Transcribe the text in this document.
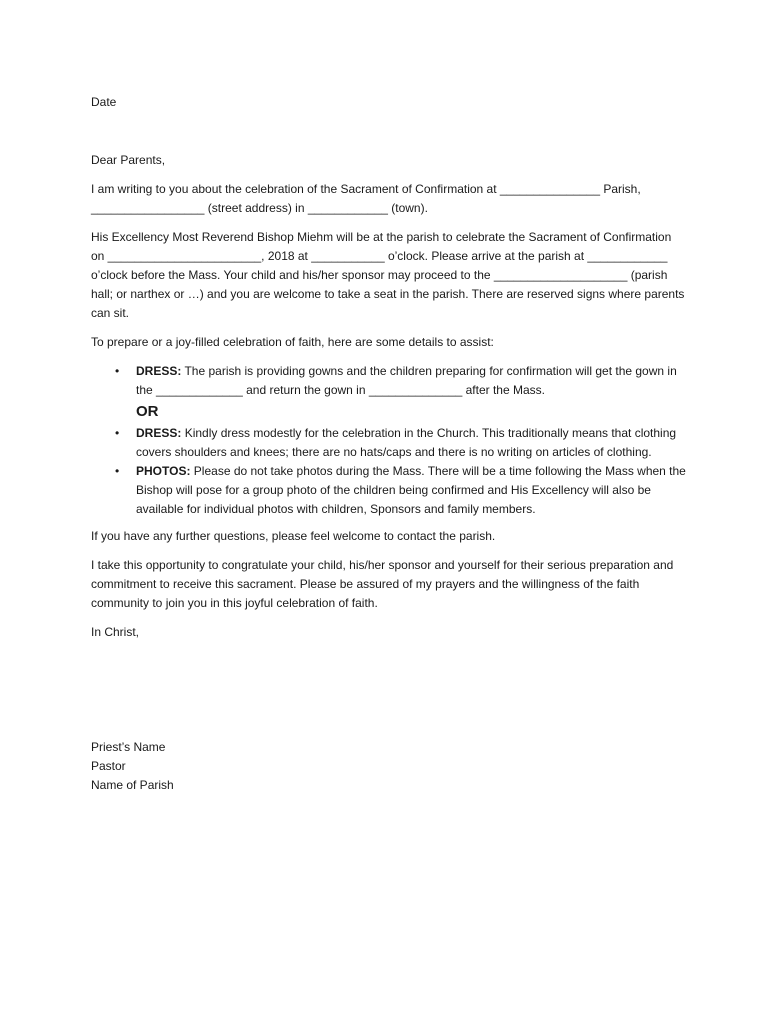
Date

Dear Parents,

I am writing to you about the celebration of the Sacrament of Confirmation at _______________ Parish, _________________ (street address) in ____________ (town).

His Excellency Most Reverend Bishop Miehm will be at the parish to celebrate the Sacrament of Confirmation on _______________________, 2018 at ___________ o’clock. Please arrive at the parish at ____________ o’clock before the Mass. Your child and his/her sponsor may proceed to the ____________________ (parish hall; or narthex or …) and you are welcome to take a seat in the parish. There are reserved signs where parents can sit.

To prepare or a joy-filled celebration of faith, here are some details to assist:

• DRESS: The parish is providing gowns and the children preparing for confirmation will get the gown in the _____________ and return the gown in ______________ after the Mass.

OR

• DRESS: Kindly dress modestly for the celebration in the Church. This traditionally means that clothing covers shoulders and knees; there are no hats/caps and there is no writing on articles of clothing.
• PHOTOS: Please do not take photos during the Mass. There will be a time following the Mass when the Bishop will pose for a group photo of the children being confirmed and His Excellency will also be available for individual photos with children, Sponsors and family members.

If you have any further questions, please feel welcome to contact the parish.

I take this opportunity to congratulate your child, his/her sponsor and yourself for their serious preparation and commitment to receive this sacrament. Please be assured of my prayers and the willingness of the faith community to join you in this joyful celebration of faith.

In Christ,

Priest’s Name

Pastor

Name of Parish
